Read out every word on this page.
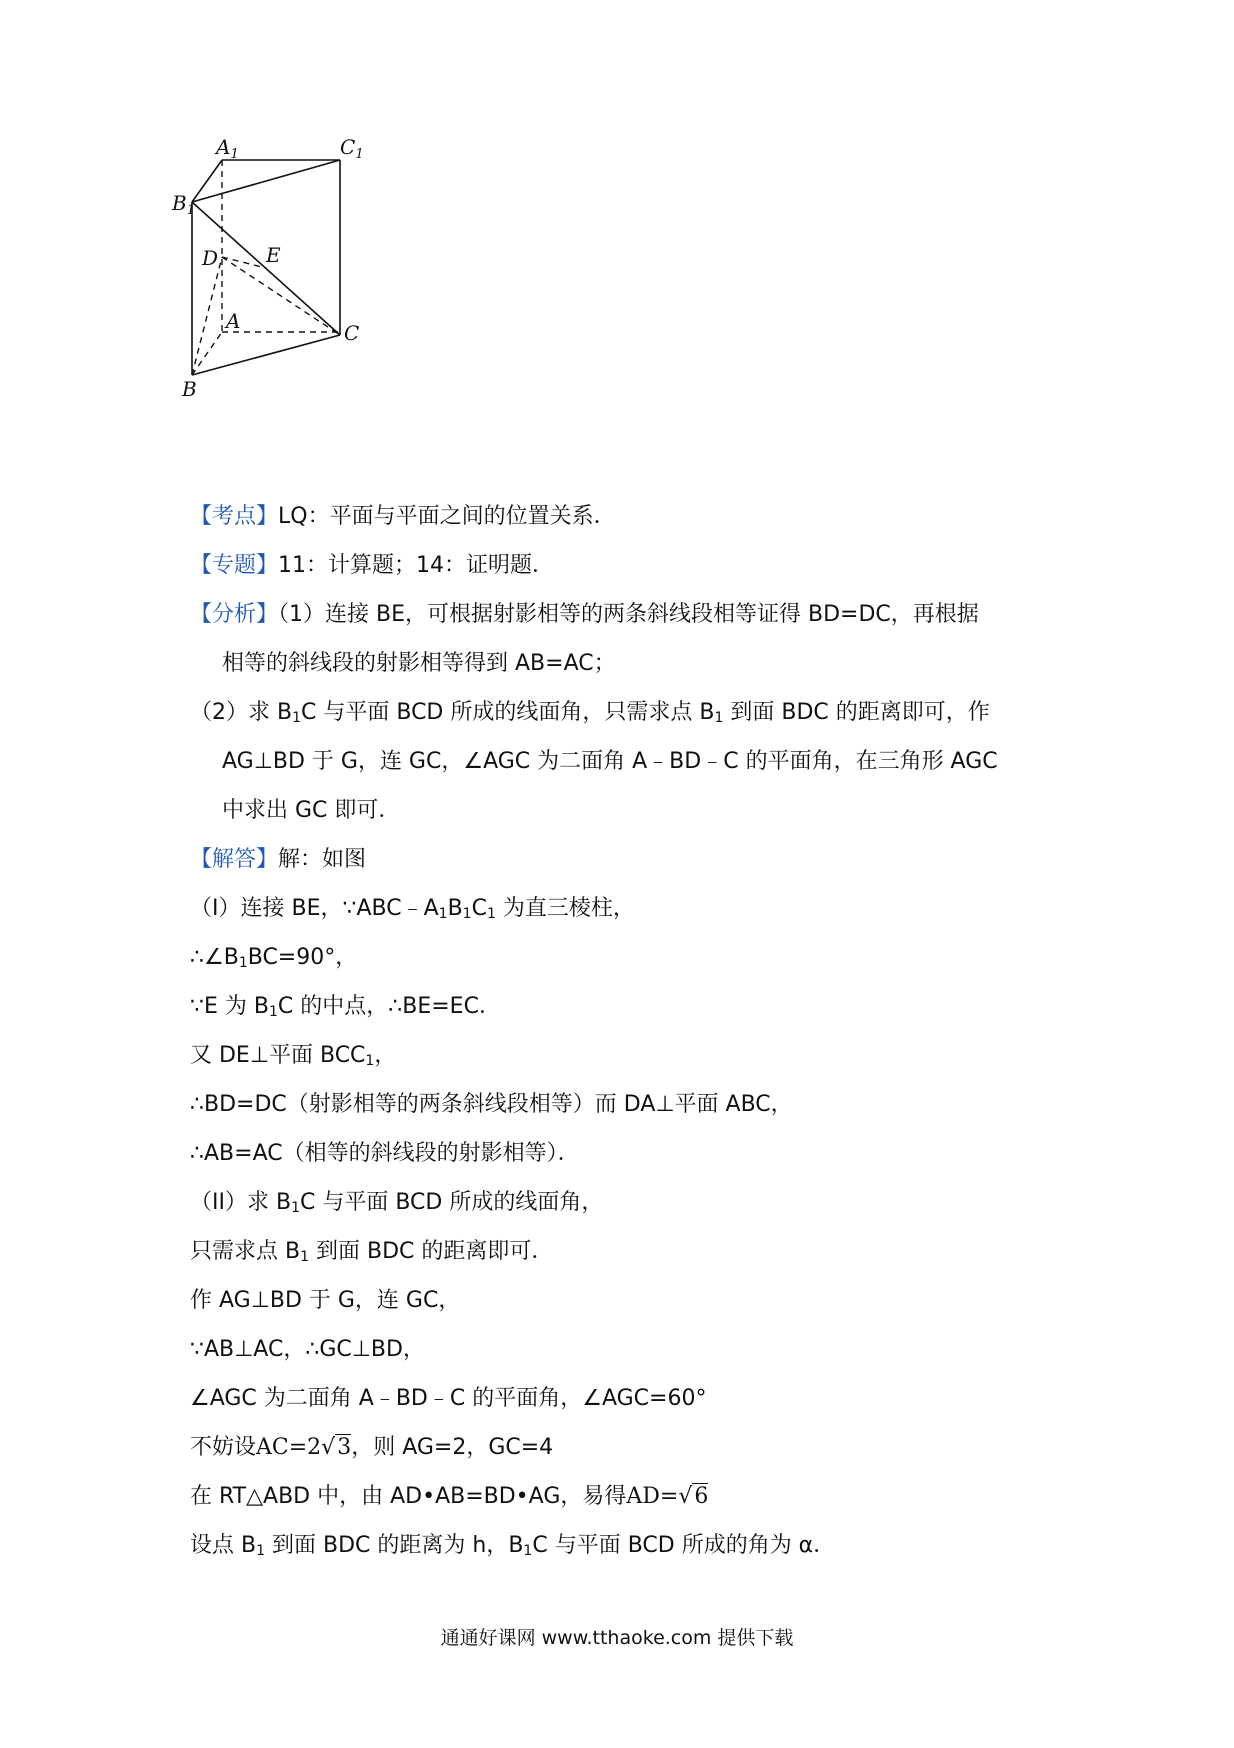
$A_1$	$C_1$
$B_1$
D E
A	C
B
【考点】LQ：平面与平面之间的位置关系．
【专题】11：计算题；14：证明题．
【分析】（1）连接 BE，可根据射影相等的两条斜线段相等证得 BD=DC，再根据
相等的斜线段的射影相等得到 AB=AC；
（2）求 $B_1C$ 与平面 BCD 所成的线面角，只需求点 $B_1$ 到面 BDC 的距离即可，作
AG⊥BD 于 G，连 GC，∠AGC 为二面角 A﹣BD﹣C 的平面角，在三角形 AGC
中求出 GC 即可．
【解答】解：如图
（I）连接 BE，$\because ABC﹣A_1B_1C_1$ 为直三棱柱，
$\therefore\angle B_1BC=90^\circ$，
∵E 为 $B_1C$ 的中点，∴BE=EC．
又 DE⊥平面 $BCC_1$，
∴BD=DC（射影相等的两条斜线段相等）而 DA⊥平面 ABC，
∴AB=AC（相等的斜线段的射影相等）．
（II）求 $B_1C$ 与平面 BCD 所成的线面角，
只需求点 $B_1$ 到面 BDC 的距离即可．
作 AG⊥BD 于 G，连 GC，
∵AB⊥AC，∴GC⊥BD，
∠AGC 为二面角 A﹣BD﹣C 的平面角，∠AGC=60°
不妨设AC=2√3，则 AG=2，GC=4
在 RT△ABD 中，由 AD•AB=BD•AG，易得AD=√6
设点 $B_1$ 到面 BDC 的距离为 h，$B_1C$ 与平面 BCD 所成的角为 α．
通通好课网 www.tthaoke.com 提供下载
